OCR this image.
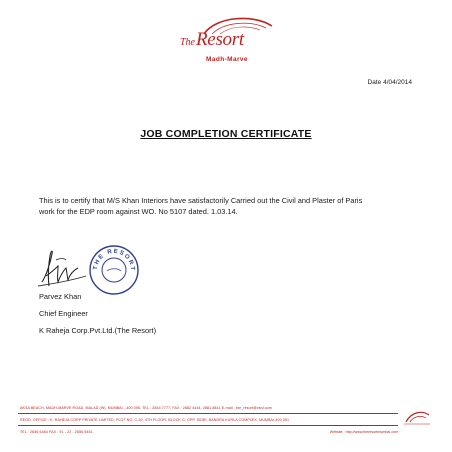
TheResort
Madh-Marve
Date 4/04/2014
JOB COMPLETION CERTIFICATE
This is to certify that M/S Khan Interiors have satisfactorily Carried out the Civil and Plaster of Paris work for the EDP room against WO. No 5107 dated. 1.03.14.
THE RESORT
Parvez Khan
Chief Engineer
K Raheja Corp.Pvt.Ltd.(The Resort)
AKSA BEACH, MADH-MARVE ROAD, MALAD (W), MUMBAI - 400 095. TEL.: 2844 7777, FAX : 2882 4444, 2881 8841 E-mail : the_resort@vsnl.com
REGD. OFFICE : K. RAHEJA CORP PRIVATE LIMITED, PLOT NO. C-30, 4TH FLOOR, BLOCK G, OPP. SIDBI, BANDRA KURLA COMPLEX, MUMBAI-400 051.
TEL : 2656 6464 FAX : 91 - 22 - 2656 5451	Website : http://www.theresortmumbai.com
